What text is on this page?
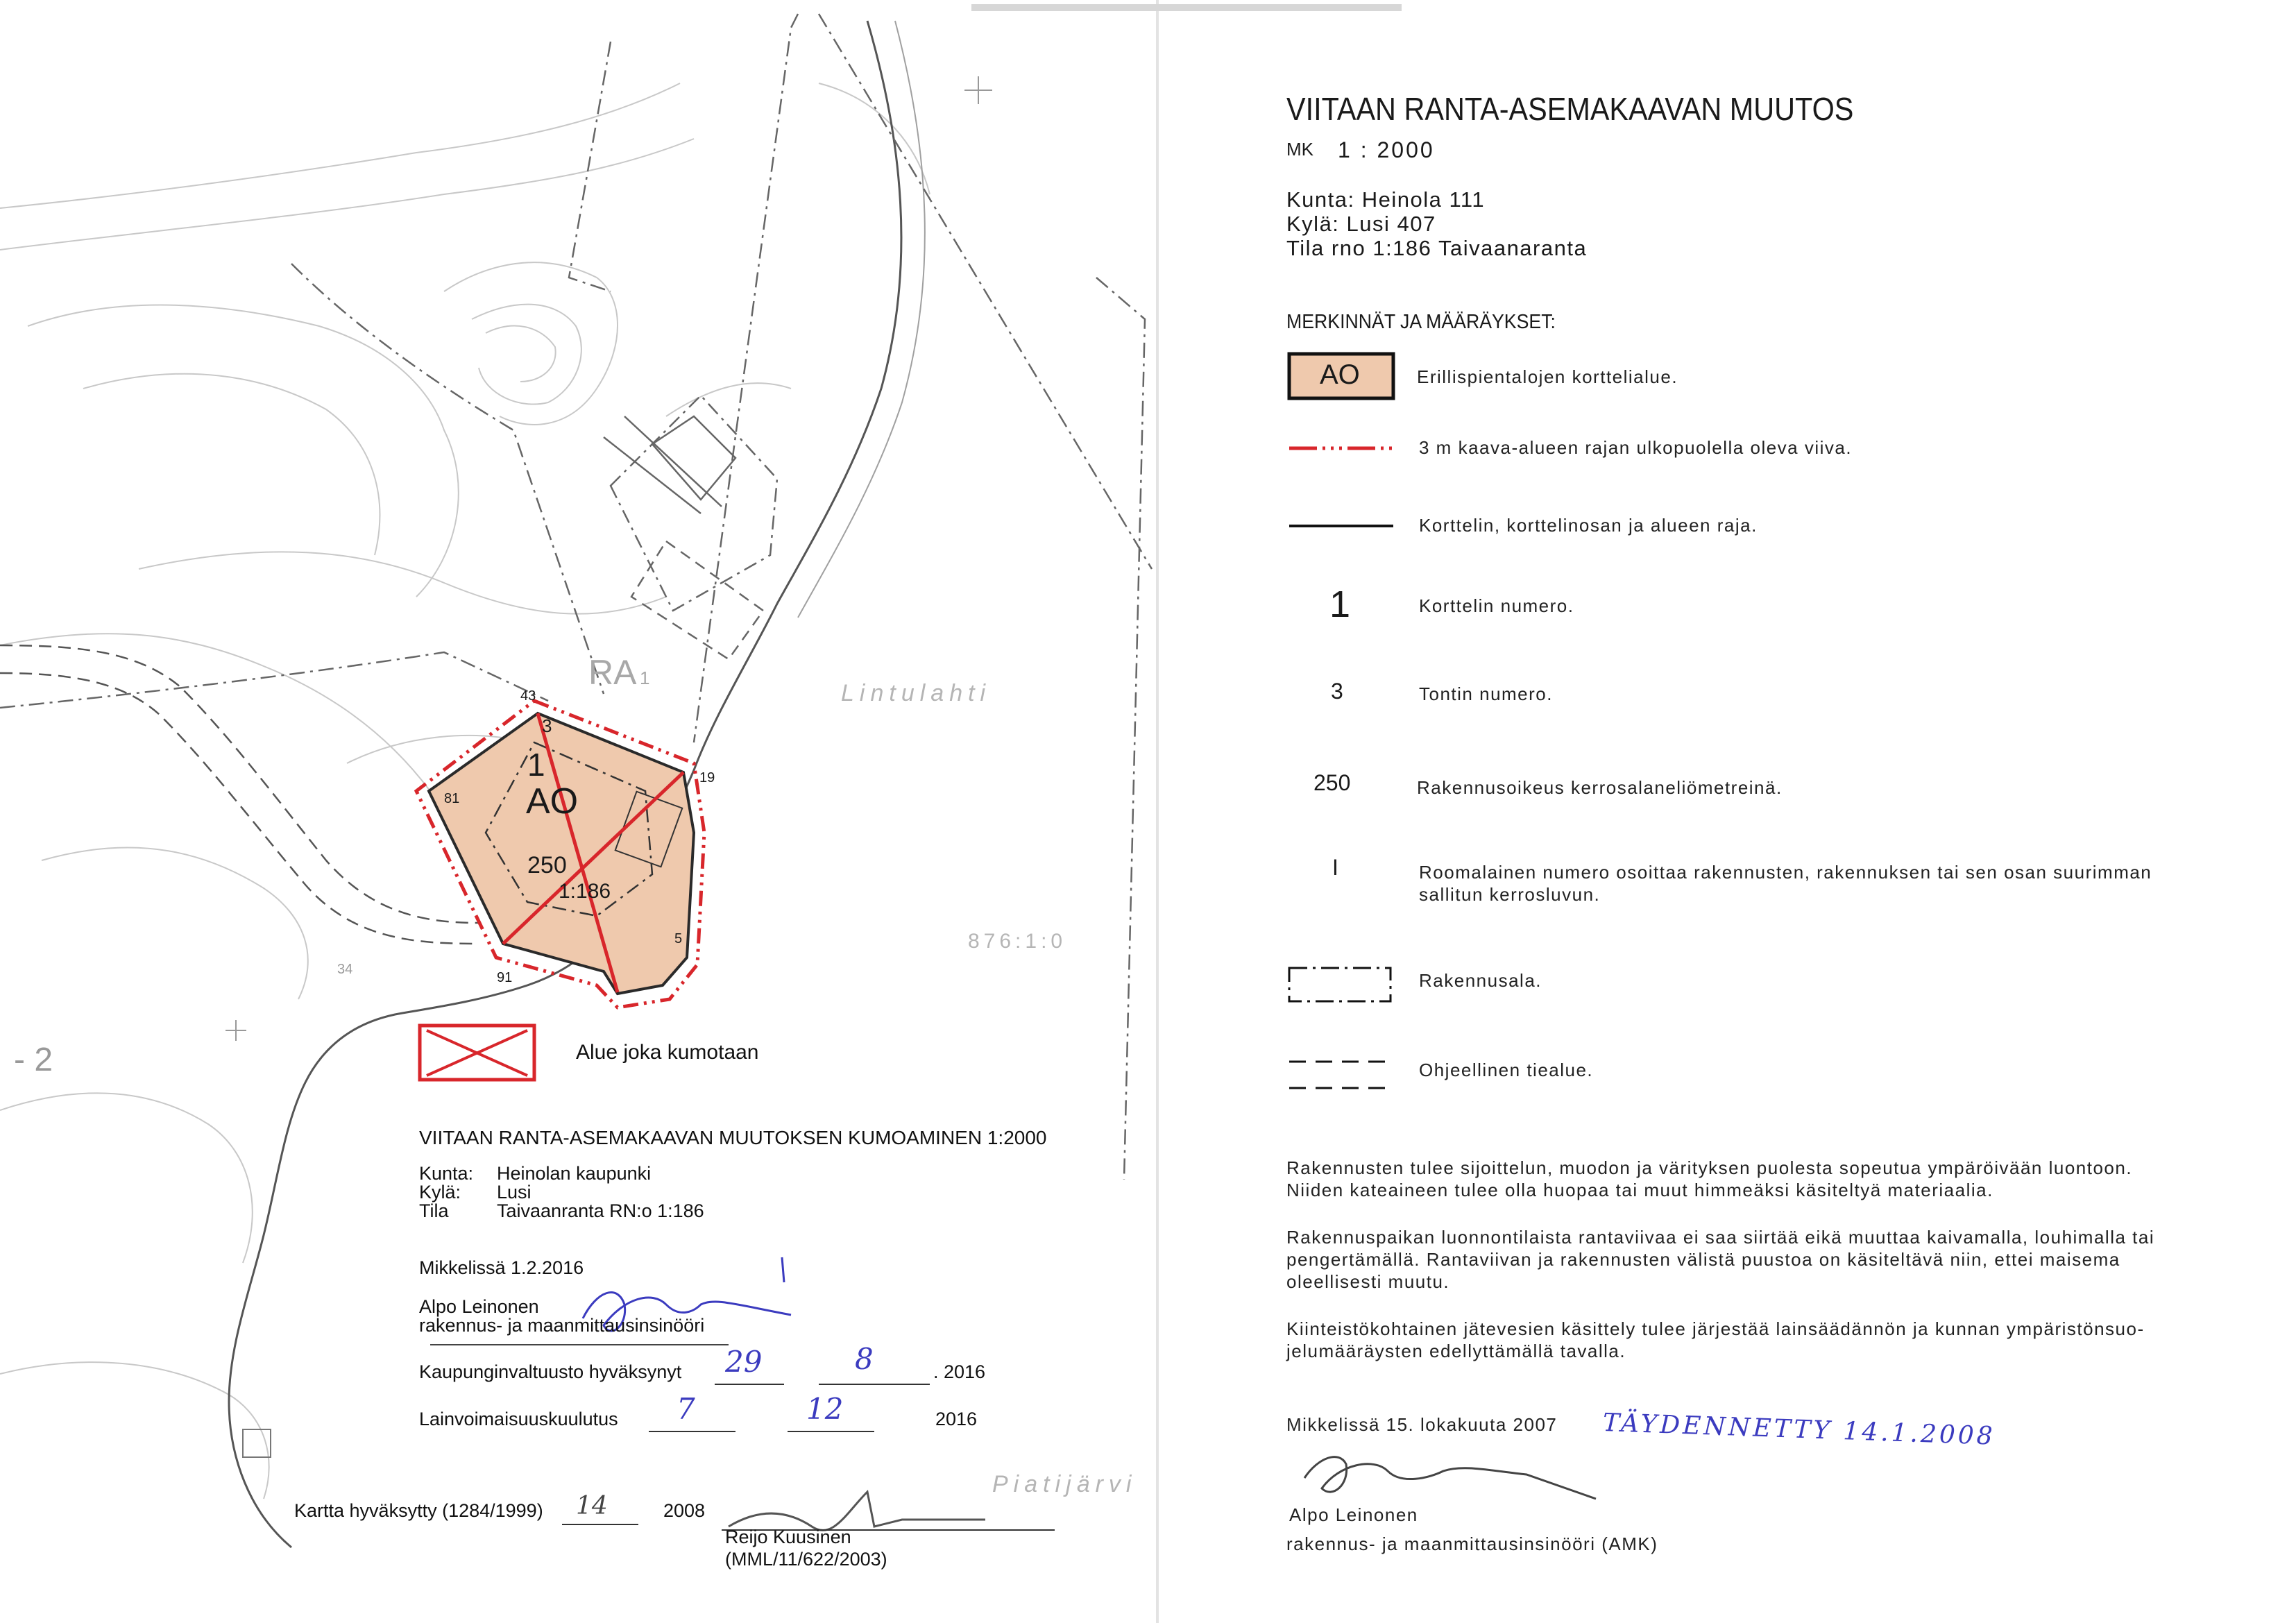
1
AO
250
1:186
3
RA 1
43
19
81
91
5
34
Lintulahti
876:1:0
Piatijärvi
- 2	Alue joka kumotaan
VIITAAN RANTA-ASEMAKAAVAN MUUTOKSEN KUMOAMINEN 1:2000
Kunta: Heinolan kaupunki
Kylä: Lusi
Tila	Taivaanranta RN:o 1:186
Mikkelissä 1.2.2016
Alpo Leinonen
rakennus- ja maanmittausinsinööri
Kaupunginvaltuusto hyväksynyt 29	8	. 2016
Lainvoimaisuuskuulutus 7	12	2016
Kartta hyväksytty (1284/1999) 14	2008
Reijo Kuusinen
(MML/11/622/2003)
VIITAAN RANTA-ASEMAKAAVAN MUUTOS
MK 1 : 2000
Kunta: Heinola 111
Kylä: Lusi 407
Tila rno 1:186 Taivaanaranta
MERKINNÄT JA MÄÄRÄYKSET:
AO	Erillispientalojen korttelialue.
3 m kaava-alueen rajan ulkopuolella oleva viiva.
Korttelin, korttelinosan ja alueen raja.
1	Korttelin numero.
3	Tontin numero.
250	Rakennusoikeus kerrosalaneliömetreinä.
I	Roomalainen numero osoittaa rakennusten, rakennuksen tai sen osan suurimman
sallitun kerrosluvun.
Rakennusala.
Ohjeellinen tiealue.
Rakennusten tulee sijoittelun, muodon ja värityksen puolesta sopeutua ympäröivään luontoon.
Niiden kateaineen tulee olla huopaa tai muut himmeäksi käsiteltyä materiaalia.
Rakennuspaikan luonnontilaista rantaviivaa ei saa siirtää eikä muuttaa kaivamalla, louhimalla tai
pengertämällä. Rantaviivan ja rakennusten välistä puustoa on käsiteltävä niin, ettei maisema
oleellisesti muutu.
Kiinteistökohtainen jätevesien käsittely tulee järjestää lainsäädännön ja kunnan ympäristönsuo-
jelumääräysten edellyttämällä tavalla.
Mikkelissä 15. lokakuuta 2007 TÄYDENNETTY 14.1.2008
Alpo Leinonen
rakennus- ja maanmittausinsinööri (AMK)
